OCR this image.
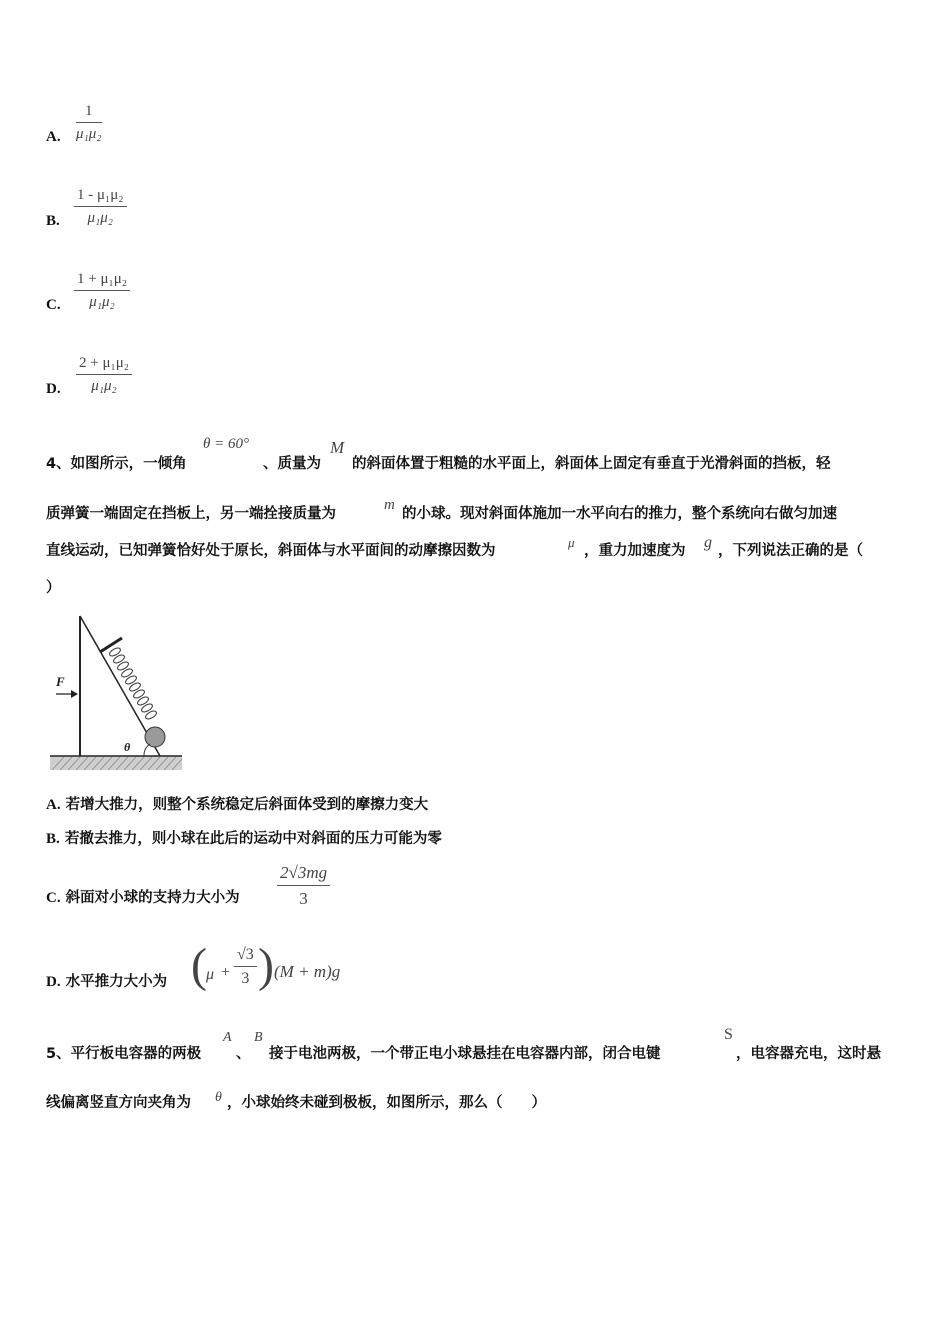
A. $\frac{1}{\text{μ₁μ₂}}$
B. $\frac{\text{1 - μ₁μ₂}}{\text{μ₁μ₂}}$
C. $\frac{\text{1 + μ₁μ₂}}{\text{μ₁μ₂}}$
D. $\frac{\text{2 + μ₁μ₂}}{\text{μ₁μ₂}}$
4、如图所示，一倾角
θ = 60°
、质量为
M
的斜面体置于粗糙的水平面上，斜面体上固定有垂直于光滑斜面的挡板，轻
质弹簧一端固定在挡板上，另一端拴接质量为
m
的小球。现对斜面体施加一水平向右的推力，整个系统向右做匀加速
直线运动，已知弹簧恰好处于原长，斜面体与水平面间的动摩擦因数为
μ
，重力加速度为 g ，下列说法正确的是（
）
θ
F
A. 若增大推力，则整个系统稳定后斜面体受到的摩擦力变大
B. 若撤去推力，则小球在此后的运动中对斜面的压力可能为零
C. 斜面对小球的支持力大小为 $\frac{2√3mg}{3}$
D. 水平推力大小为 ( $\mu + \frac{√3}{3}$ ) (M + m)g
5、平行板电容器的两极
A
、
B
接于电池两极，一个带正电小球悬挂在电容器内部，闭合电键
S
，电容器充电，这时悬
线偏离竖直方向夹角为 θ ，小球始终未碰到极板，如图所示，那么（　　）
